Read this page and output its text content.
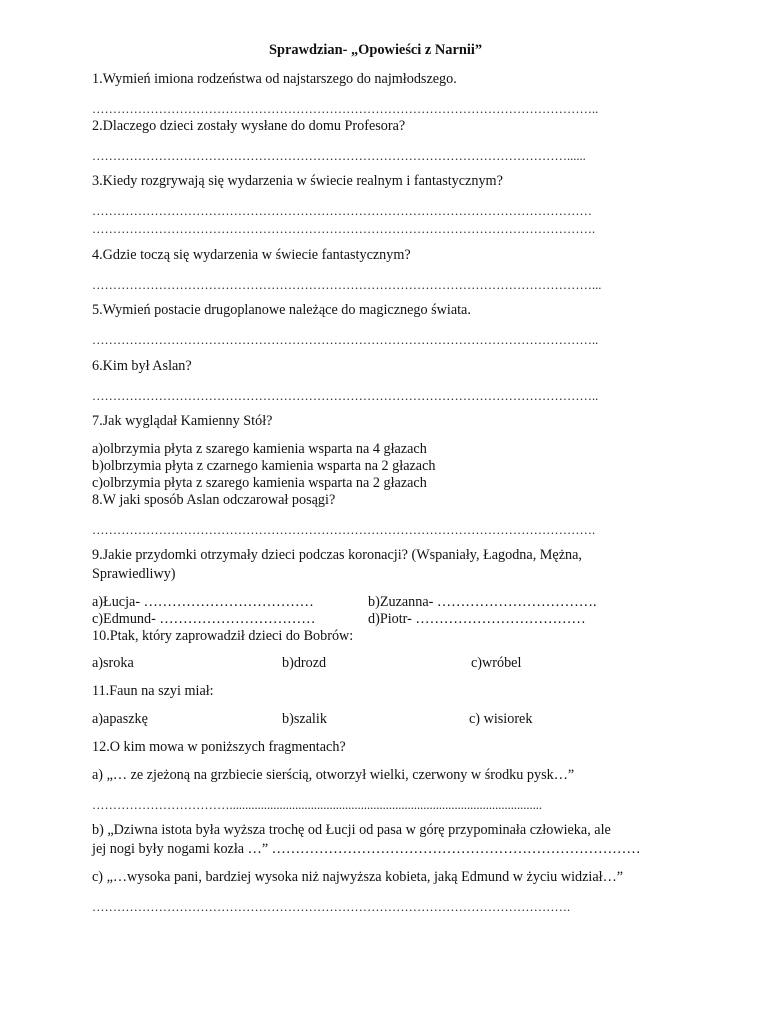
Sprawdzian- „Opowieści z Narnii”

1.Wymień imiona rodzeństwa od najstarszego do najmłodszego.

…………………………………………………………………………………………………………..

2.Dlaczego dzieci zostały wysłane do domu Profesora?

……………………………………………………………………………………………………......

3.Kiedy rozgrywają się wydarzenia w świecie realnym i fantastycznym?

…………………………………………………………………………………………………………

………………………………………………………………………………………………………….

4.Gdzie toczą się wydarzenia w świecie fantastycznym?

…………………………………………………………………………………………………………...

5.Wymień postacie drugoplanowe należące do magicznego świata.

…………………………………………………………………………………………………………..

6.Kim był Aslan?

…………………………………………………………………………………………………………..

7.Jak wyglądał Kamienny Stół?

a)olbrzymia płyta z szarego kamienia wsparta na 4 głazach

b)olbrzymia płyta z czarnego kamienia wsparta na 2 głazach

c)olbrzymia płyta z szarego kamienia wsparta na 2 głazach

8.W jaki sposób Aslan odczarował posągi?

………………………………………………………………………………………………………….

9.Jakie przydomki otrzymały dzieci podczas koronacji? (Wspaniały, Łagodna, Mężna,

Sprawiedliwy)

a)Łucja- ………………………………	b)Zuzanna- …………………………….

c)Edmund- ……………………………	d)Piotr- ………………………………

10.Ptak, który zaprowadził dzieci do Bobrów:

a)sroka	b)drozd	c)wróbel

11.Faun na szyi miał:

a)apaszkę	b)szalik	c) wisiorek

12.O kim mowa w poniższych fragmentach?

a) „… ze zjeżoną na grzbiecie sierścią, otworzył wielki, czerwony w środku pysk…”

……………………………....................................................................................................

b) „Dziwna istota była wyższa trochę od Łucji od pasa w górę przypominała człowieka, ale

jej nogi były nogami kozła …” ……………………………………………………………………

c) „…wysoka pani, bardziej wysoka niż najwyższa kobieta, jaką Edmund w życiu widział…”

…………………………………………………………………………………………………….
